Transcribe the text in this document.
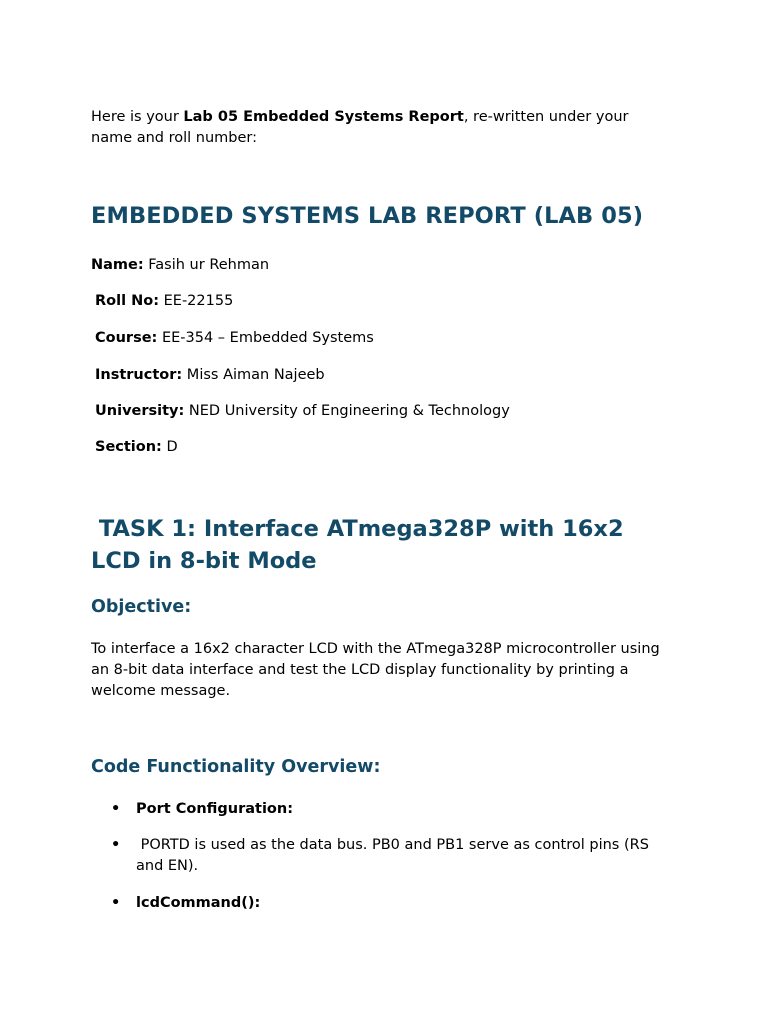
Here is your Lab 05 Embedded Systems Report, re-written under your name and roll number:

EMBEDDED SYSTEMS LAB REPORT (LAB 05)
Name: Fasih ur Rehman
Roll No: EE-22155
Course: EE-354 – Embedded Systems
Instructor: Miss Aiman Najeeb
University: NED University of Engineering & Technology
Section: D
TASK 1: Interface ATmega328P with 16x2 LCD in 8-bit Mode
Objective:

To interface a 16x2 character LCD with the ATmega328P microcontroller using an 8-bit data interface and test the LCD display functionality by printing a welcome message.

Code Functionality Overview:
• Port Configuration:
• PORTD is used as the data bus. PB0 and PB1 serve as control pins (RS and EN).
• lcdCommand():
